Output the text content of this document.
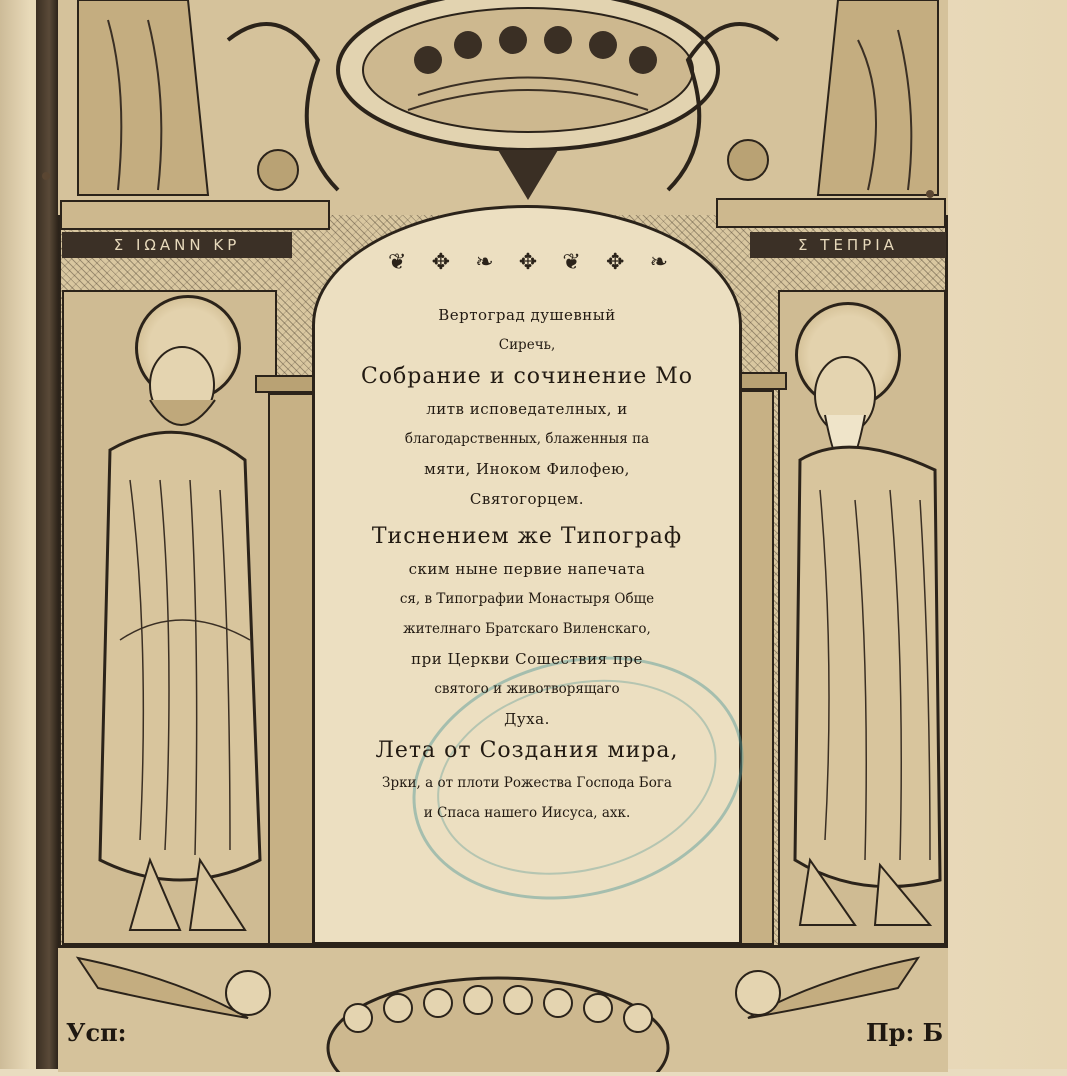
Σ ΙΩΑΝΝ ΚΡ	Σ ΤΕΠΡΙΑ
❦ ✥ ❧ ✥ ❦ ✥ ❧
Вертоград душевный
Сиречь,
Собрание и сочинение Мо
литв исповедателных, и
благодарственных, блаженныя па
мяти, Иноком Филофею,
Святогорцем.
Тиснением же Типограф
ским ныне первие напечата
ся, в Типографии Монастыря Обще
жителнаго Братскаго Виленскаго,
при Церкви Сошествия пре
святого и животворящаго
Духа.
Лета от Создания мира,
Зрки, а от плоти Рожества Господа Бога
и Спаса нашего Иисуса, ахк.
Усп:	Пр: Б
